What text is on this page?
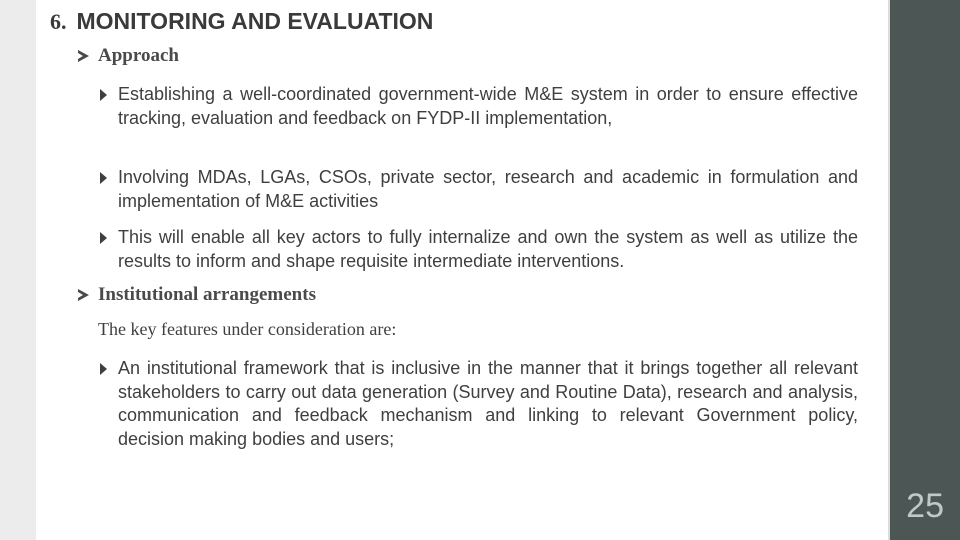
25
6. MONITORING AND EVALUATION
Approach
Establishing a well-coordinated government-wide M&E system in order to ensure effective tracking, evaluation and feedback on FYDP-II implementation,
Involving MDAs, LGAs, CSOs, private sector, research and academic in formulation and implementation of M&E activities
This will enable all key actors to fully internalize and own the system as well as utilize the results to inform and shape requisite intermediate interventions.
Institutional arrangements
The key features under consideration are:
An institutional framework that is inclusive in the manner that it brings together all relevant stakeholders to carry out data generation (Survey and Routine Data), research and analysis, communication and feedback mechanism and linking to relevant Government policy, decision making bodies and users;
